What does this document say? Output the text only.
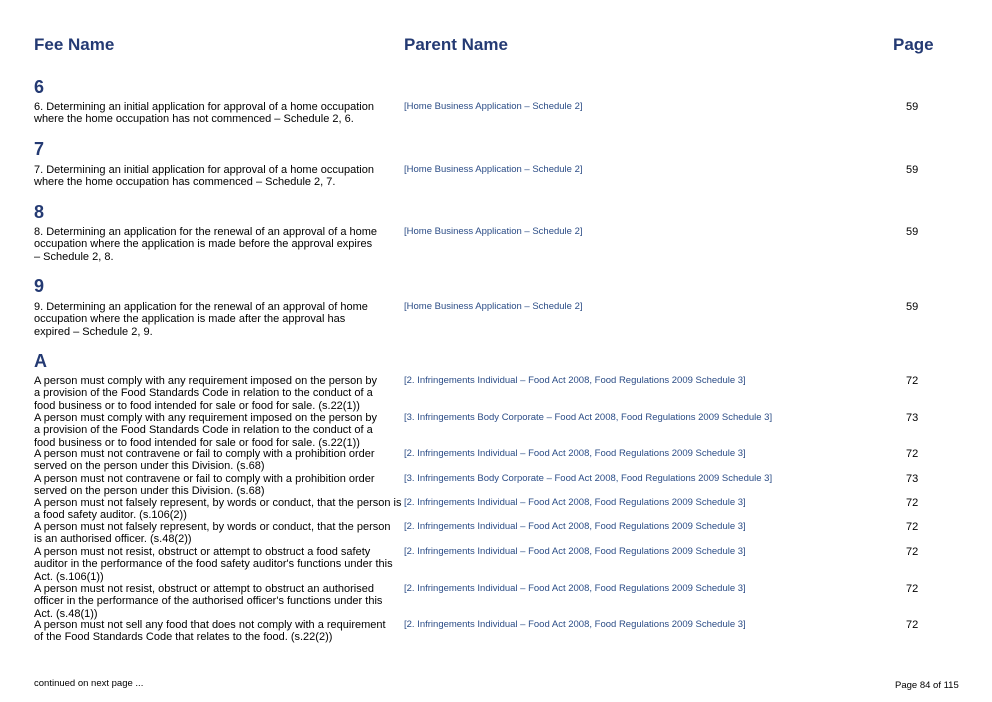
Fee Name	Parent Name	Page
6
6. Determining an initial application for approval of a home occupation where the home occupation has not commenced – Schedule 2, 6.
[Home Business Application – Schedule 2]	59
7
7. Determining an initial application for approval of a home occupation where the home occupation has commenced – Schedule 2, 7.
[Home Business Application – Schedule 2]	59
8
8. Determining an application for the renewal of an approval of a home occupation where the application is made before the approval expires – Schedule 2, 8.
[Home Business Application – Schedule 2]	59
9
9. Determining an application for the renewal of an approval of home occupation where the application is made after the approval has expired – Schedule 2, 9.
[Home Business Application – Schedule 2]	59
A
A person must comply with any requirement imposed on the person by a provision of the Food Standards Code in relation to the conduct of a food business or to food intended for sale or food for sale. (s.22(1))
[2. Infringements Individual – Food Act 2008, Food Regulations 2009 Schedule 3]	72
A person must comply with any requirement imposed on the person by a provision of the Food Standards Code in relation to the conduct of a food business or to food intended for sale or food for sale. (s.22(1))
[3. Infringements Body Corporate – Food Act 2008, Food Regulations 2009 Schedule 3]	73
A person must not contravene or fail to comply with a prohibition order served on the person under this Division. (s.68)
[2. Infringements Individual – Food Act 2008, Food Regulations 2009 Schedule 3]	72
A person must not contravene or fail to comply with a prohibition order served on the person under this Division. (s.68)
[3. Infringements Body Corporate – Food Act 2008, Food Regulations 2009 Schedule 3]	73
A person must not falsely represent, by words or conduct, that the person is a food safety auditor. (s.106(2))
[2. Infringements Individual – Food Act 2008, Food Regulations 2009 Schedule 3]	72
A person must not falsely represent, by words or conduct, that the person is an authorised officer. (s.48(2))
[2. Infringements Individual – Food Act 2008, Food Regulations 2009 Schedule 3]	72
A person must not resist, obstruct or attempt to obstruct a food safety auditor in the performance of the food safety auditor's functions under this Act. (s.106(1))
[2. Infringements Individual – Food Act 2008, Food Regulations 2009 Schedule 3]	72
A person must not resist, obstruct or attempt to obstruct an authorised officer in the performance of the authorised officer's functions under this Act. (s.48(1))
[2. Infringements Individual – Food Act 2008, Food Regulations 2009 Schedule 3]	72
A person must not sell any food that does not comply with a requirement of the Food Standards Code that relates to the food. (s.22(2))
[2. Infringements Individual – Food Act 2008, Food Regulations 2009 Schedule 3]	72
continued on next page ...	Page 84 of 115
